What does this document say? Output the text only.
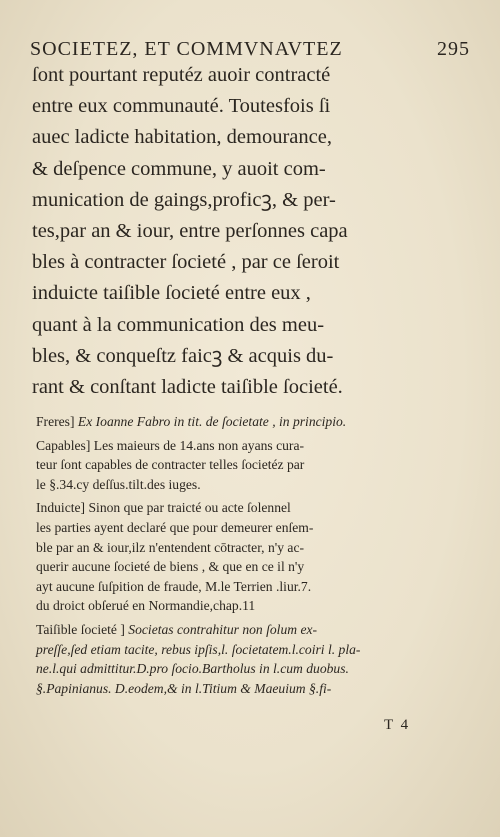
SOCIETEZ, ET COMMVNAVTEZ	295
ſont pourtant reputéz auoir contracté
entre eux communauté. Toutesfois ſi
auec ladicte habitation, demourance,
& deſpence commune, y auoit com-
munication de gaings,proficꝫ, & per-
tes,par an & iour, entre perſonnes capa
bles à contracter ſocieté , par ce ſeroit
induicte taiſible ſocieté entre eux ,
quant à la communication des meu-
bles, & conqueſtz faicꝫ & acquis du-
rant & conſtant ladicte taiſible ſocieté.
Freres] Ex Ioanne Fabro in tit. de ſocietate , in principio.
Capables] Les maieurs de 14.ans non ayans cura-
teur ſont capables de contracter telles ſocietéz par
le §.34.cy deſſus.tilt.des iuges.
Induicte] Sinon que par traicté ou acte ſolennel
les parties ayent declaré que pour demeurer enſem-
ble par an & iour,ilz n'entendent cōtracter, n'y ac-
querir aucune ſocieté de biens , & que en ce il n'y
ayt aucune ſuſpition de fraude, M.le Terrien .liur.7.
du droict obſerué en Normandie,chap.11
Taiſible ſocieté ] Societas contrahitur non ſolum ex-
preſſe,ſed etiam tacite, rebus ipſis,l. ſocietatem.l.coiri l. pla-
ne.l.qui admittitur.D.pro ſocio.Bartholus in l.cum duobus.
§.Papinianus. D.eodem,& in l.Titium & Maeuium §.fi-
T 4
